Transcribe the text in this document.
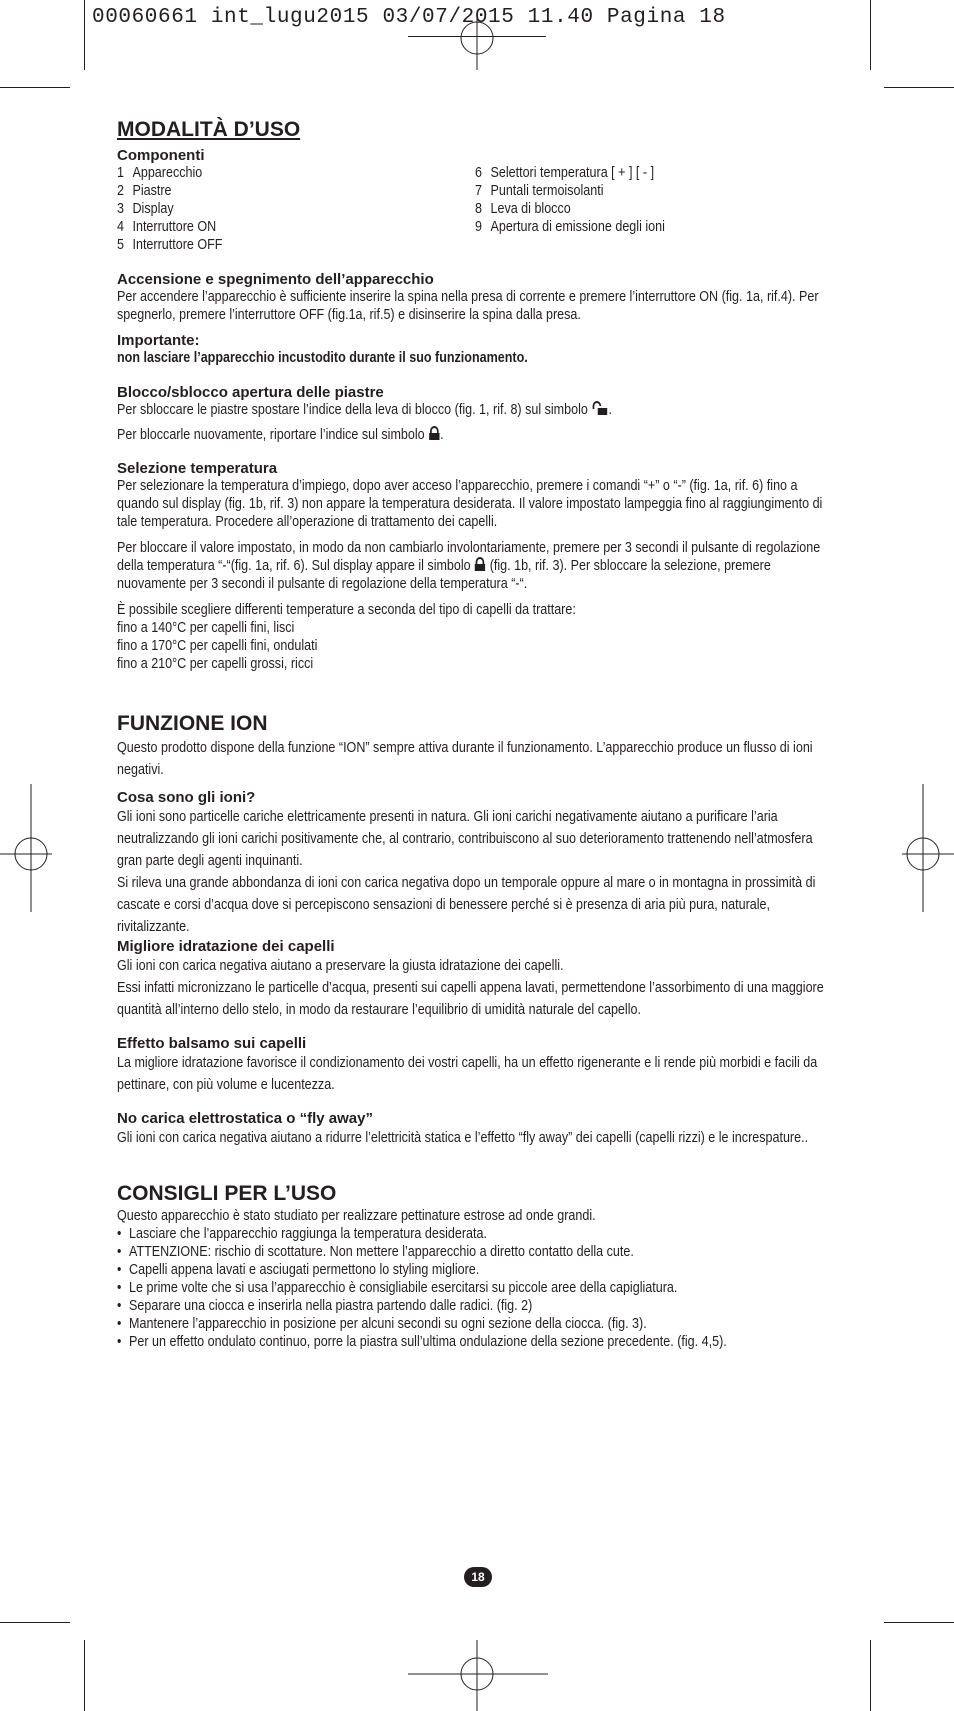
00060661 int_lugu2015 03/07/2015 11.40 Pagina 18
MODALITÀ D’USO
Componenti
1 Apparecchio
2 Piastre
3 Display
4 Interruttore ON
5 Interruttore OFF
6 Selettori temperatura [ + ] [ - ]
7 Puntali termoisolanti
8 Leva di blocco
9 Apertura di emissione degli ioni
Accensione e spegnimento dell’apparecchio

Per accendere l’apparecchio è sufficiente inserire la spina nella presa di corrente e premere l’interruttore ON (fig. 1a, rif.4). Per spegnerlo, premere l’interruttore OFF (fig.1a, rif.5) e disinserire la spina dalla presa.

Importante:

non lasciare l’apparecchio incustodito durante il suo funzionamento.

Blocco/sblocco apertura delle piastre

Per sbloccare le piastre spostare l’indice della leva di blocco (fig. 1, rif. 8) sul simbolo .

Per bloccarle nuovamente, riportare l’indice sul simbolo .

Selezione temperatura

Per selezionare la temperatura d’impiego, dopo aver acceso l’apparecchio, premere i comandi “+” o “-” (fig. 1a, rif. 6) fino a quando sul display (fig. 1b, rif. 3) non appare la temperatura desiderata. Il valore impostato lampeggia fino al raggiungimento di tale temperatura. Procedere all’operazione di trattamento dei capelli.

Per bloccare il valore impostato, in modo da non cambiarlo involontariamente, premere per 3 secondi il pulsante di regolazione della temperatura “-“(fig. 1a, rif. 6). Sul display appare il simbolo (fig. 1b, rif. 3). Per sbloccare la selezione, premere nuovamente per 3 secondi il pulsante di regolazione della temperatura “-“.

È possibile scegliere differenti temperature a seconda del tipo di capelli da trattare:
fino a 140°C per capelli fini, lisci
fino a 170°C per capelli fini, ondulati
fino a 210°C per capelli grossi, ricci

FUNZIONE ION

Questo prodotto dispone della funzione “ION” sempre attiva durante il funzionamento. L’apparecchio produce un flusso di ioni negativi.

Cosa sono gli ioni?

Gli ioni sono particelle cariche elettricamente presenti in natura. Gli ioni carichi negativamente aiutano a purificare l’aria neutralizzando gli ioni carichi positivamente che, al contrario, contribuiscono al suo deterioramento trattenendo nell’atmosfera gran parte degli agenti inquinanti.

Si rileva una grande abbondanza di ioni con carica negativa dopo un temporale oppure al mare o in montagna in prossimità di cascate e corsi d’acqua dove si percepiscono sensazioni di benessere perché si è presenza di aria più pura, naturale, rivitalizzante.

Migliore idratazione dei capelli

Gli ioni con carica negativa aiutano a preservare la giusta idratazione dei capelli.

Essi infatti micronizzano le particelle d’acqua, presenti sui capelli appena lavati, permettendone l’assorbimento di una maggiore quantità all’interno dello stelo, in modo da restaurare l’equilibrio di umidità naturale del capello.

Effetto balsamo sui capelli

La migliore idratazione favorisce il condizionamento dei vostri capelli, ha un effetto rigenerante e li rende più morbidi e facili da pettinare, con più volume e lucentezza.

No carica elettrostatica o “fly away”

Gli ioni con carica negativa aiutano a ridurre l’elettricità statica e l’effetto “fly away” dei capelli (capelli rizzi) e le increspature..

CONSIGLI PER L’USO

Questo apparecchio è stato studiato per realizzare pettinature estrose ad onde grandi.

• Lasciare che l’apparecchio raggiunga la temperatura desiderata.
• ATTENZIONE: rischio di scottature. Non mettere l’apparecchio a diretto contatto della cute.
• Capelli appena lavati e asciugati permettono lo styling migliore.
• Le prime volte che si usa l’apparecchio è consigliabile esercitarsi su piccole aree della capigliatura.
• Separare una ciocca e inserirla nella piastra partendo dalle radici. (fig. 2)
• Mantenere l’apparecchio in posizione per alcuni secondi su ogni sezione della ciocca. (fig. 3).
• Per un effetto ondulato continuo, porre la piastra sull’ultima ondulazione della sezione precedente. (fig. 4,5).
18
